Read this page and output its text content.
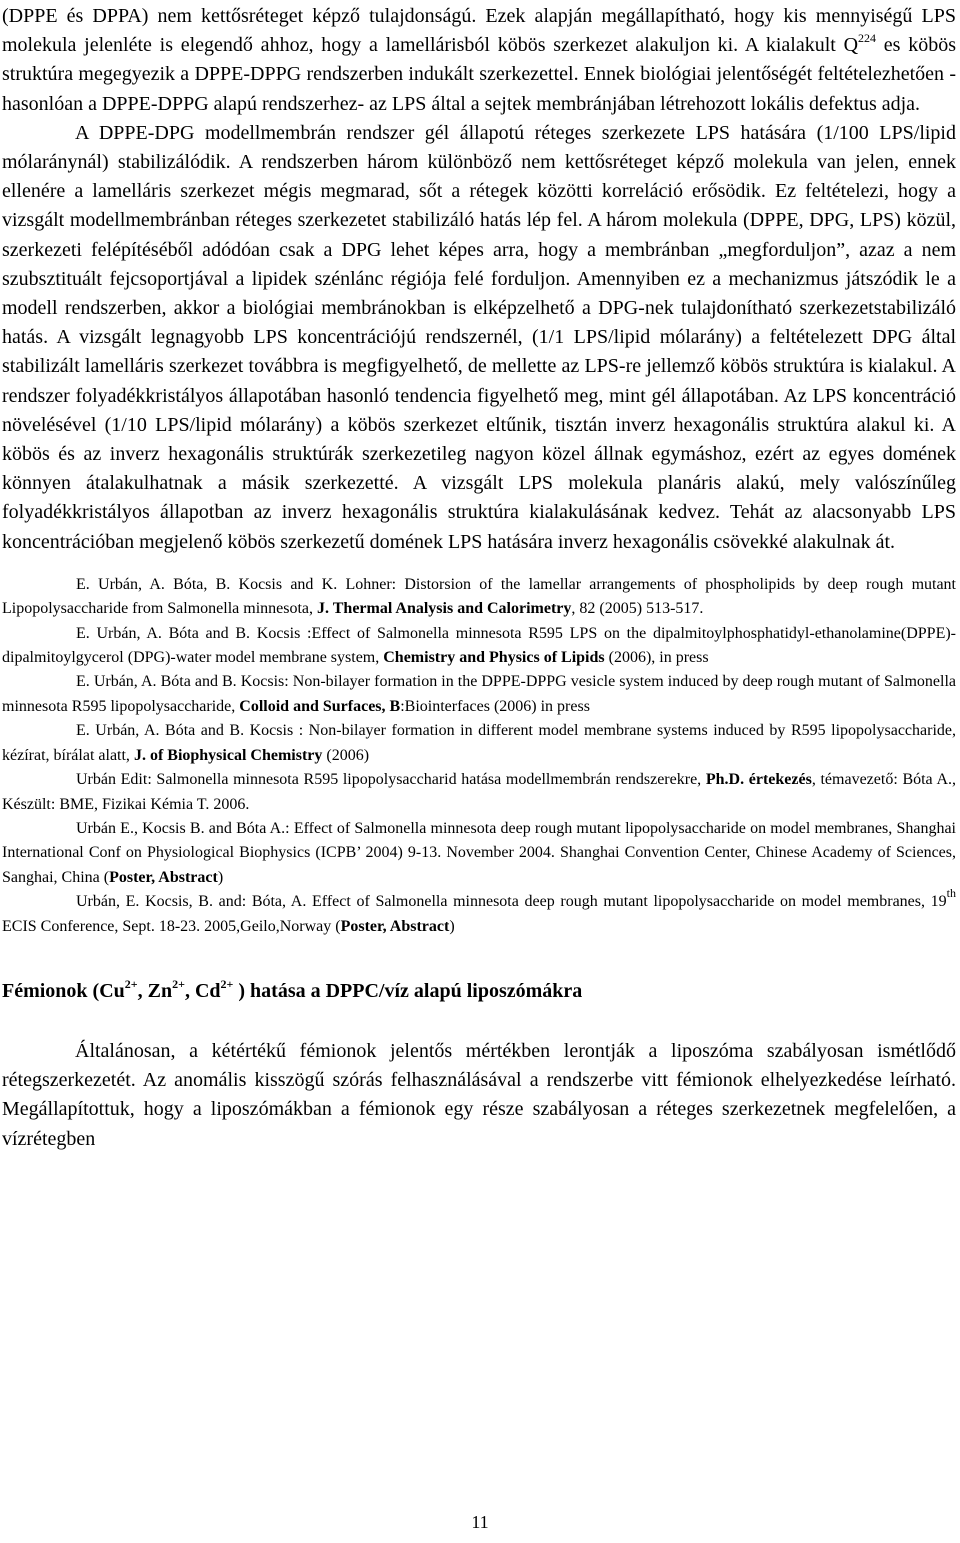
(DPPE és DPPA) nem kettősréteget képző tulajdonságú. Ezek alapján megállapítható, hogy kis mennyiségű LPS molekula jelenléte is elegendő ahhoz, hogy a lamellárisból köbös szerkezet alakuljon ki. A kialakult $Q^{224}$ es köbös struktúra megegyezik a DPPE-DPPG rendszerben indukált szerkezettel. Ennek biológiai jelentőségét feltételezhetően - hasonlóan a DPPE-DPPG alapú rendszerhez- az LPS által a sejtek membránjában létrehozott lokális defektus adja.

A DPPE-DPG modellmembrán rendszer gél állapotú réteges szerkezete LPS hatására (1/100 LPS/lipid mólaránynál) stabilizálódik. A rendszerben három különböző nem kettősréteget képző molekula van jelen, ennek ellenére a lamelláris szerkezet mégis megmarad, sőt a rétegek közötti korreláció erősödik. Ez feltételezi, hogy a vizsgált modellmembránban réteges szerkezetet stabilizáló hatás lép fel. A három molekula (DPPE, DPG, LPS) közül, szerkezeti felépítéséből adódóan csak a DPG lehet képes arra, hogy a membránban „megforduljon”, azaz a nem szubsztituált fejcsoportjával a lipidek szénlánc régiója felé forduljon. Amennyiben ez a mechanizmus játszódik le a modell rendszerben, akkor a biológiai membránokban is elképzelhető a DPG-nek tulajdonítható szerkezetstabilizáló hatás. A vizsgált legnagyobb LPS koncentrációjú rendszernél, (1/1 LPS/lipid mólarány) a feltételezett DPG által stabilizált lamelláris szerkezet továbbra is megfigyelhető, de mellette az LPS-re jellemző köbös struktúra is kialakul. A rendszer folyadékkristályos állapotában hasonló tendencia figyelhető meg, mint gél állapotában. Az LPS koncentráció növelésével (1/10 LPS/lipid mólarány) a köbös szerkezet eltűnik, tisztán inverz hexagonális struktúra alakul ki. A köbös és az inverz hexagonális struktúrák szerkezetileg nagyon közel állnak egymáshoz, ezért az egyes domének könnyen átalakulhatnak a másik szerkezetté. A vizsgált LPS molekula planáris alakú, mely valószínűleg folyadékkristályos állapotban az inverz hexagonális struktúra kialakulásának kedvez. Tehát az alacsonyabb LPS koncentrációban megjelenő köbös szerkezetű domének LPS hatására inverz hexagonális csövekké alakulnak át.

E. Urbán, A. Bóta, B. Kocsis and K. Lohner: Distorsion of the lamellar arrangements of phospholipids by deep rough mutant Lipopolysaccharide from Salmonella minnesota, J. Thermal Analysis and Calorimetry, 82 (2005) 513-517.

E. Urbán, A. Bóta and B. Kocsis :Effect of Salmonella minnesota R595 LPS on the dipalmitoylphosphatidyl-ethanolamine(DPPE)-dipalmitoylgycerol (DPG)-water model membrane system, Chemistry and Physics of Lipids (2006), in press

E. Urbán, A. Bóta and B. Kocsis: Non-bilayer formation in the DPPE-DPPG vesicle system induced by deep rough mutant of Salmonella minnesota R595 lipopolysaccharide, Colloid and Surfaces, B:Biointerfaces (2006) in press

E. Urbán, A. Bóta and B. Kocsis : Non-bilayer formation in different model membrane systems induced by R595 lipopolysaccharide, kézírat, bírálat alatt, J. of Biophysical Chemistry (2006)

Urbán Edit: Salmonella minnesota R595 lipopolysaccharid hatása modellmembrán rendszerekre, Ph.D. értekezés, témavezető: Bóta A., Készült: BME, Fizikai Kémia T. 2006.

Urbán E., Kocsis B. and Bóta A.: Effect of Salmonella minnesota deep rough mutant lipopolysaccharide on model membranes, Shanghai International Conf on Physiological Biophysics (ICPB’ 2004) 9-13. November 2004. Shanghai Convention Center, Chinese Academy of Sciences, Sanghai, China (Poster, Abstract)

Urbán, E. Kocsis, B. and: Bóta, A. Effect of Salmonella minnesota deep rough mutant lipopolysaccharide on model membranes, 19th ECIS Conference, Sept. 18-23. 2005,Geilo,Norway (Poster, Abstract)

Fémionok ($Cu^{2+}$, $Zn^{2+}$, $Cd^{2+}$ ) hatása a DPPC/víz alapú liposzómákra

Általánosan, a kétértékű fémionok jelentős mértékben lerontják a liposzóma szabályosan ismétlődő rétegszerkezetét. Az anomális kisszögű szórás felhasználásával a rendszerbe vitt fémionok elhelyezkedése leírható. Megállapítottuk, hogy a liposzómákban a fémionok egy része szabályosan a réteges szerkezetnek megfelelően, a vízrétegben

11
